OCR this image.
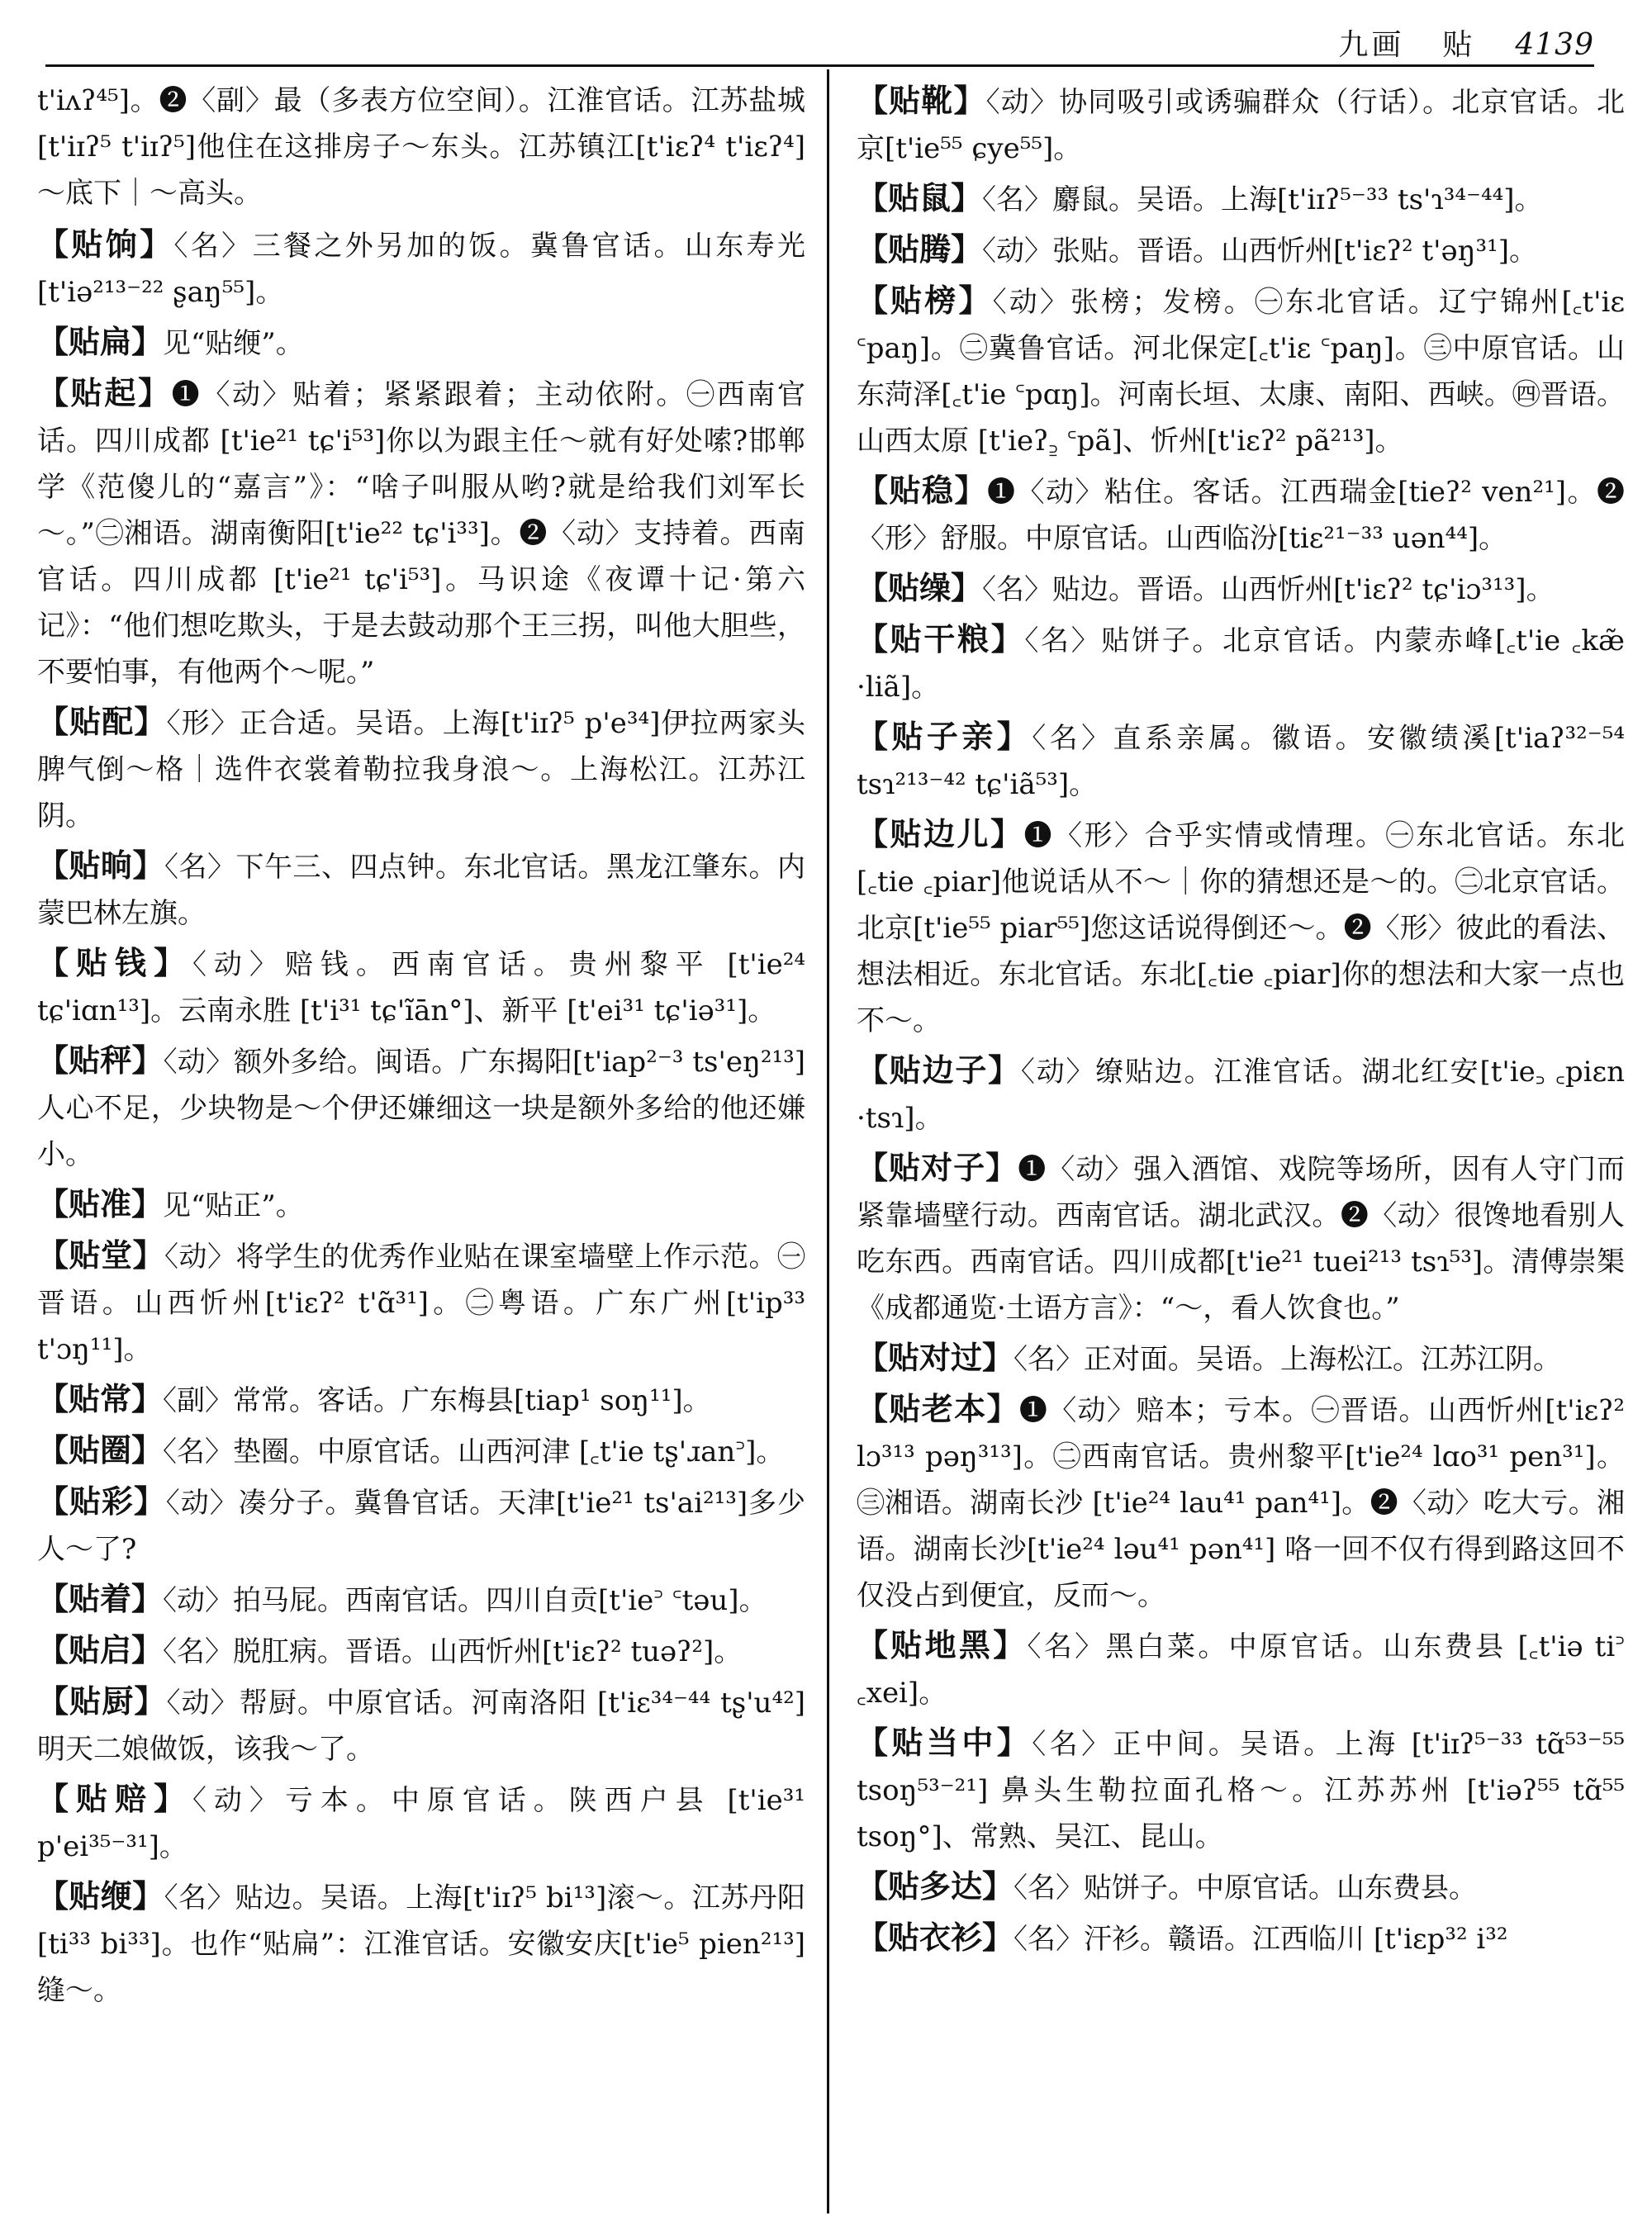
九画 贴 4139

t'iʌʔ⁴⁵]。❷〈副〉最（多表方位空间）。江淮官话。江苏盐城[t'iɪʔ⁵ t'iɪʔ⁵]他住在这排房子～东头。江苏镇江[t'iɛʔ⁴ t'iɛʔ⁴]～底下｜～高头。

【贴饷】〈名〉三餐之外另加的饭。冀鲁官话。山东寿光[t'iə²¹³⁻²² ʂaŋ⁵⁵]。

【贴扁】见“贴缏”。

【贴起】❶〈动〉贴着；紧紧跟着；主动依附。㊀西南官话。四川成都 [t'ie²¹ tɕ'i⁵³]你以为跟主任～就有好处嗦?邯郸学《范傻儿的“嘉言”》：“啥子叫服从哟?就是给我们刘军长～。”㊁湘语。湖南衡阳[t'ie²² tɕ'i³³]。❷〈动〉支持着。西南官话。四川成都 [t'ie²¹ tɕ'i⁵³]。马识途《夜谭十记·第六记》：“他们想吃欺头，于是去鼓动那个王三拐，叫他大胆些，不要怕事，有他两个～呢。”

【贴配】〈形〉正合适。吴语。上海[t'iɪʔ⁵ p'e³⁴]伊拉两家头脾气倒～格｜选件衣裳着勒拉我身浪～。上海松江。江苏江阴。

【贴晌】〈名〉下午三、四点钟。东北官话。黑龙江肇东。内蒙巴林左旗。

【贴钱】〈动〉赔钱。西南官话。贵州黎平 [t'ie²⁴ tɕ'iɑn¹³]。云南永胜 [t'i³¹ tɕ'ĩān°]、新平 [t'ei³¹ tɕ'iə³¹]。

【贴秤】〈动〉额外多给。闽语。广东揭阳[t'iap²⁻³ ts'eŋ²¹³] 人心不足，少块物是～个伊还嫌细这一块是额外多给的他还嫌小。

【贴准】见“贴正”。

【贴堂】〈动〉将学生的优秀作业贴在课室墙壁上作示范。㊀晋语。山西忻州[t'iɛʔ² t'ɑ̃³¹]。㊁粤语。广东广州[t'ip³³ t'ɔŋ¹¹]。

【贴常】〈副〉常常。客话。广东梅县[tiap¹ soŋ¹¹]。

【贴圈】〈名〉垫圈。中原官话。山西河津 [꜀t'ie tʂ'ɹan꜄]。

【贴彩】〈动〉凑分子。冀鲁官话。天津[t'ie²¹ ts'ai²¹³]多少人～了?

【贴着】〈动〉拍马屁。西南官话。四川自贡[t'ie꜄ ꜂tәu]。

【贴启】〈名〉脱肛病。晋语。山西忻州[t'iɛʔ² tuəʔ²]。

【贴厨】〈动〉帮厨。中原官话。河南洛阳 [t'iɛ³⁴⁻⁴⁴ tʂ'u⁴²]明天二娘做饭，该我～了。

【贴赔】〈动〉亏本。中原官话。陕西户县 [t'ie³¹ p'ei³⁵⁻³¹]。

【贴缏】〈名〉贴边。吴语。上海[t'iɪʔ⁵ bi¹³]滚～。江苏丹阳[ti³³ bi³³]。也作“贴扁”：江淮官话。安徽安庆[t'ie⁵ pien²¹³]缝～。

【贴靴】〈动〉协同吸引或诱骗群众（行话）。北京官话。北京[t'ie⁵⁵ ɕye⁵⁵]。

【贴鼠】〈名〉麝鼠。吴语。上海[t'iɪʔ⁵⁻³³ ts'ɿ³⁴⁻⁴⁴]。

【贴腾】〈动〉张贴。晋语。山西忻州[t'iɛʔ² t'əŋ³¹]。

【贴榜】〈动〉张榜；发榜。㊀东北官话。辽宁锦州[꜀t'iɛ ꜂paŋ]。㊁冀鲁官话。河北保定[꜀t'iɛ ꜂paŋ]。㊂中原官话。山东菏泽[꜀t'ie ꜂pɑŋ]。河南长垣、太康、南阳、西峡。㊃晋语。山西太原 [t'ieʔ꜇ ꜂pã]、忻州[t'iɛʔ² pã²¹³]。

【贴稳】❶〈动〉粘住。客话。江西瑞金[tieʔ² ven²¹]。❷〈形〉舒服。中原官话。山西临汾[tiɛ²¹⁻³³ uən⁴⁴]。

【贴缲】〈名〉贴边。晋语。山西忻州[t'iɛʔ² tɕ'iɔ³¹³]。

【贴干粮】〈名〉贴饼子。北京官话。内蒙赤峰[꜀t'ie ꜀kæ̃ ·liã]。

【贴子亲】〈名〉直系亲属。徽语。安徽绩溪[t'iaʔ³²⁻⁵⁴ tsɿ²¹³⁻⁴² tɕ'iã⁵³]。

【贴边儿】❶〈形〉合乎实情或情理。㊀东北官话。东北[꜀tie ꜀piar]他说话从不～｜你的猜想还是～的。㊁北京官话。北京[t'ie⁵⁵ piar⁵⁵]您这话说得倒还～。❷〈形〉彼此的看法、想法相近。东北官话。东北[꜀tie ꜀piar]你的想法和大家一点也不～。

【贴边子】〈动〉缭贴边。江淮官话。湖北红安[t'ie꜆ ꜀piɛn ·tsɿ]。

【贴对子】❶〈动〉强入酒馆、戏院等场所，因有人守门而紧靠墙壁行动。西南官话。湖北武汉。❷〈动〉很馋地看别人吃东西。西南官话。四川成都[t'ie²¹ tuei²¹³ tsɿ⁵³]。清傅崇榘《成都通览·土语方言》：“～，看人饮食也。”

【贴对过】〈名〉正对面。吴语。上海松江。江苏江阴。

【贴老本】❶〈动〉赔本；亏本。㊀晋语。山西忻州[t'iɛʔ² lɔ³¹³ pəŋ³¹³]。㊁西南官话。贵州黎平[t'ie²⁴ lɑo³¹ pen³¹]。㊂湘语。湖南长沙 [t'ie²⁴ lau⁴¹ pan⁴¹]。❷〈动〉吃大亏。湘语。湖南长沙[t'ie²⁴ ləu⁴¹ pən⁴¹] 咯一回不仅冇得到路这回不仅没占到便宜，反而～。

【贴地黑】〈名〉黑白菜。中原官话。山东费县 [꜀t'iə ti꜄ ꜀xei]。

【贴当中】〈名〉正中间。吴语。上海 [t'iɪʔ⁵⁻³³ tɑ̃⁵³⁻⁵⁵ tsoŋ⁵³⁻²¹] 鼻头生勒拉面孔格～。江苏苏州 [t'iəʔ⁵⁵ tɑ̃⁵⁵ tsoŋ°]、常熟、吴江、昆山。

【贴多达】〈名〉贴饼子。中原官话。山东费县。

【贴衣衫】〈名〉汗衫。赣语。江西临川 [t'iɛp³² i³²
